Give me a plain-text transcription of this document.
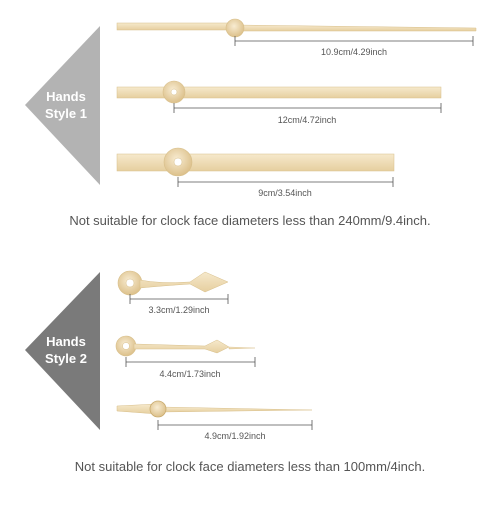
10.9cm/4.29inch
12cm/4.72inch
9cm/3.54inch
3.3cm/1.29inch
4.4cm/1.73inch
4.9cm/1.92inch
Hands
Style 1
Hands
Style 2
Not suitable for clock face diameters less than 240mm/9.4inch.
Not suitable for clock face diameters less than 100mm/4inch.
